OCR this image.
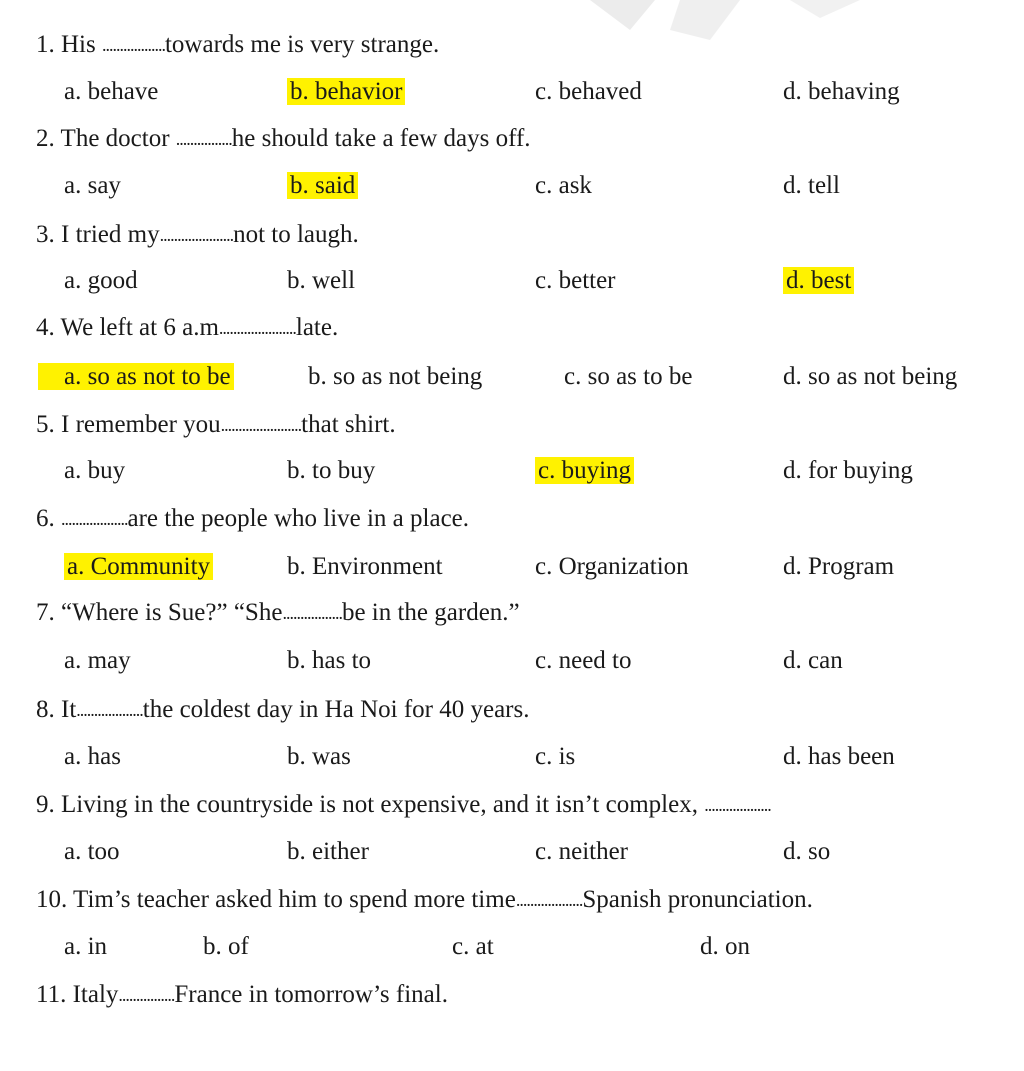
1. His ..................towards me is very strange.
a. behave	b. behavior	c. behaved	d. behaving
2. The doctor ................he should take a few days off.
a. say	b. said	c. ask	d. tell
3. I tried my.....................not to laugh.
a. good	b. well	c. better	d. best
4. We left at 6 a.m......................late.
a. so as not to be	b. so as not being	c. so as to be	d. so as not being
5. I remember you.......................that shirt.
a. buy	b. to buy	c. buying	d. for buying
6. ...................are the people who live in a place.
a. Community	b. Environment	c. Organization	d. Program
7. “Where is Sue?” “She.................be in the garden.”
a. may	b. has to	c. need to	d. can
8. It...................the coldest day in Ha Noi for 40 years.
a. has	b. was	c. is	d. has been
9. Living in the countryside is not expensive, and it isn’t complex, ...................
a. too	b. either	c. neither	d. so
10. Tim’s teacher asked him to spend more time...................Spanish pronunciation.
a. in	b. of	c. at	d. on
11. Italy................France in tomorrow’s final.
